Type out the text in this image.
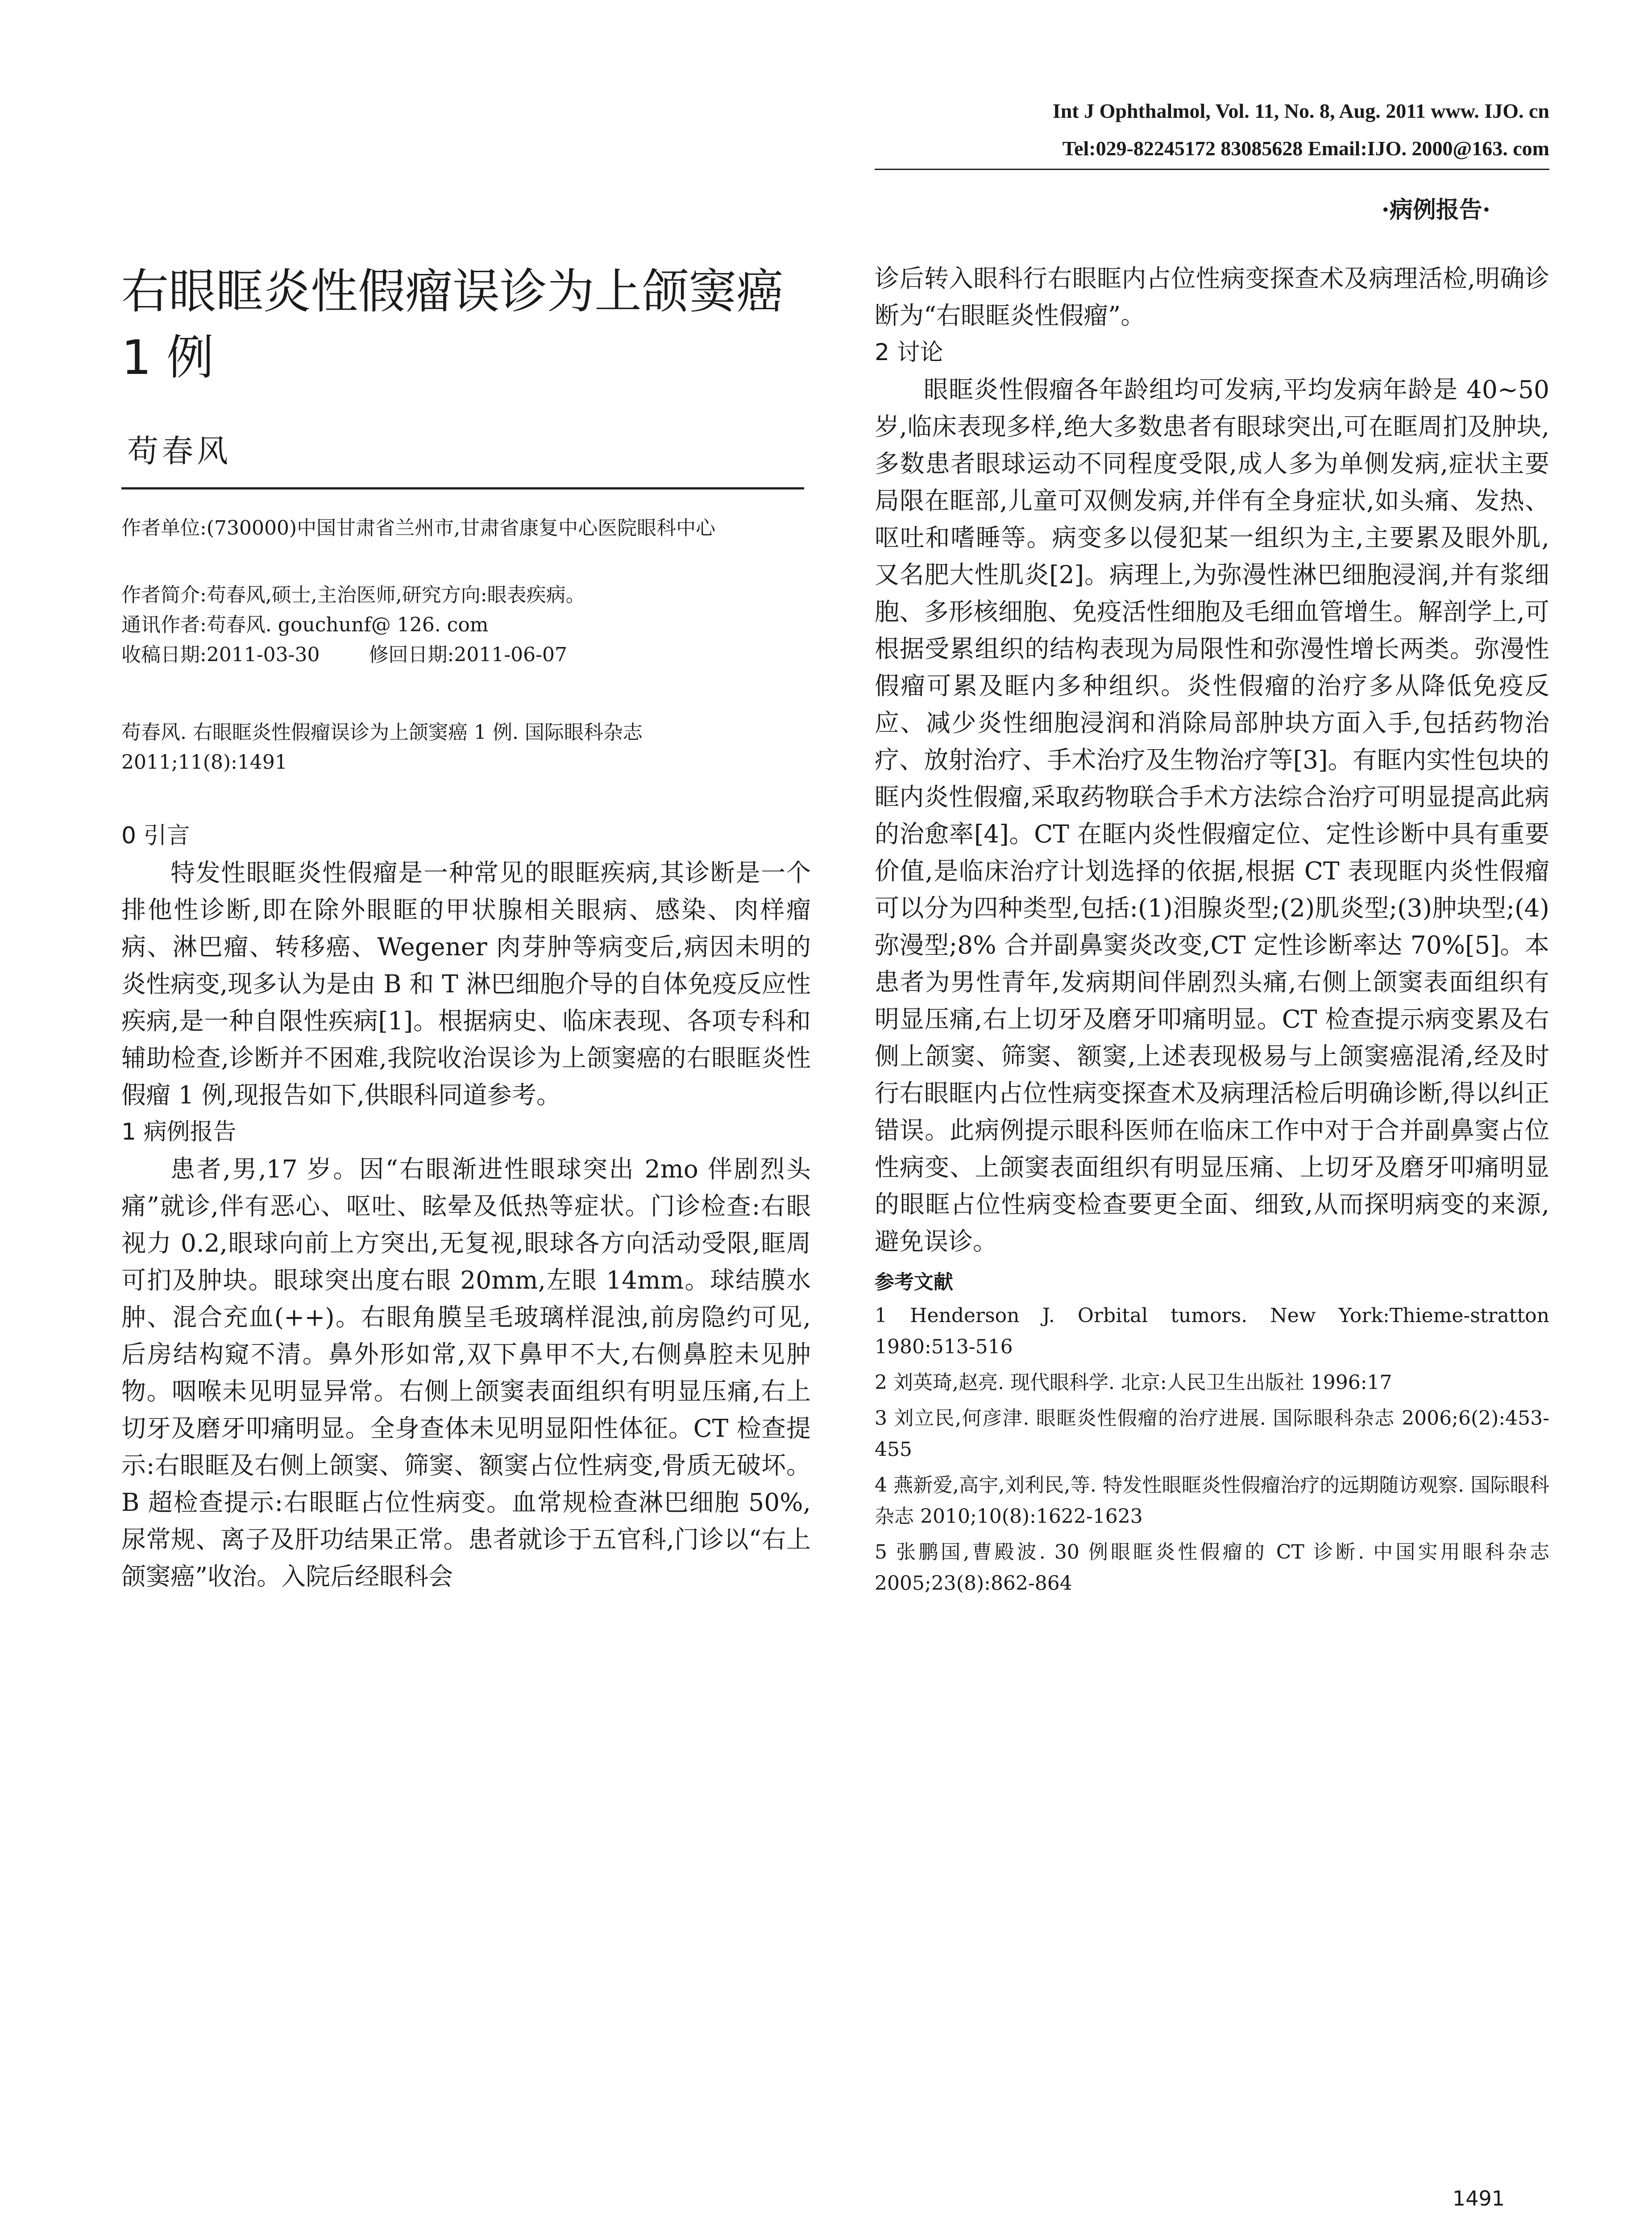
Int J Ophthalmol, Vol. 11, No. 8, Aug. 2011 www. IJO. cn
Tel:029-82245172 83085628 Email:IJO. 2000@163. com
·病例报告·
右眼眶炎性假瘤误诊为上颌窦癌 1 例
苟春风

作者单位:(730000)中国甘肃省兰州市,甘肃省康复中心医院眼科中心

作者简介:苟春风,硕士,主治医师,研究方向:眼表疾病。

通讯作者:苟春风. gouchunf@ 126. com

收稿日期:2011-03-30	修回日期:2011-06-07

苟春风. 右眼眶炎性假瘤误诊为上颌窦癌 1 例. 国际眼科杂志 2011;11(8):1491

0 引言

特发性眼眶炎性假瘤是一种常见的眼眶疾病,其诊断是一个排他性诊断,即在除外眼眶的甲状腺相关眼病、感染、肉样瘤病、淋巴瘤、转移癌、Wegener 肉芽肿等病变后,病因未明的炎性病变,现多认为是由 B 和 T 淋巴细胞介导的自体免疫反应性疾病,是一种自限性疾病[1]。根据病史、临床表现、各项专科和辅助检查,诊断并不困难,我院收治误诊为上颌窦癌的右眼眶炎性假瘤 1 例,现报告如下,供眼科同道参考。

1 病例报告

患者,男,17 岁。因“右眼渐进性眼球突出 2mo 伴剧烈头痛”就诊,伴有恶心、呕吐、眩晕及低热等症状。门诊检查:右眼视力 0.2,眼球向前上方突出,无复视,眼球各方向活动受限,眶周可扪及肿块。眼球突出度右眼 20mm,左眼 14mm。球结膜水肿、混合充血(++)。右眼角膜呈毛玻璃样混浊,前房隐约可见,后房结构窥不清。鼻外形如常,双下鼻甲不大,右侧鼻腔未见肿物。咽喉未见明显异常。右侧上颌窦表面组织有明显压痛,右上切牙及磨牙叩痛明显。全身查体未见明显阳性体征。CT 检查提示:右眼眶及右侧上颌窦、筛窦、额窦占位性病变,骨质无破坏。B 超检查提示:右眼眶占位性病变。血常规检查淋巴细胞 50%,尿常规、离子及肝功结果正常。患者就诊于五官科,门诊以“右上颌窦癌”收治。入院后经眼科会

诊后转入眼科行右眼眶内占位性病变探查术及病理活检,明确诊断为“右眼眶炎性假瘤”。

2 讨论

眼眶炎性假瘤各年龄组均可发病,平均发病年龄是 40~50 岁,临床表现多样,绝大多数患者有眼球突出,可在眶周扪及肿块,多数患者眼球运动不同程度受限,成人多为单侧发病,症状主要局限在眶部,儿童可双侧发病,并伴有全身症状,如头痛、发热、呕吐和嗜睡等。病变多以侵犯某一组织为主,主要累及眼外肌,又名肥大性肌炎[2]。病理上,为弥漫性淋巴细胞浸润,并有浆细胞、多形核细胞、免疫活性细胞及毛细血管增生。解剖学上,可根据受累组织的结构表现为局限性和弥漫性增长两类。弥漫性假瘤可累及眶内多种组织。炎性假瘤的治疗多从降低免疫反应、减少炎性细胞浸润和消除局部肿块方面入手,包括药物治疗、放射治疗、手术治疗及生物治疗等[3]。有眶内实性包块的眶内炎性假瘤,采取药物联合手术方法综合治疗可明显提高此病的治愈率[4]。CT 在眶内炎性假瘤定位、定性诊断中具有重要价值,是临床治疗计划选择的依据,根据 CT 表现眶内炎性假瘤可以分为四种类型,包括:(1)泪腺炎型;(2)肌炎型;(3)肿块型;(4)弥漫型;8% 合并副鼻窦炎改变,CT 定性诊断率达 70%[5]。本患者为男性青年,发病期间伴剧烈头痛,右侧上颌窦表面组织有明显压痛,右上切牙及磨牙叩痛明显。CT 检查提示病变累及右侧上颌窦、筛窦、额窦,上述表现极易与上颌窦癌混淆,经及时行右眼眶内占位性病变探查术及病理活检后明确诊断,得以纠正错误。此病例提示眼科医师在临床工作中对于合并副鼻窦占位性病变、上颌窦表面组织有明显压痛、上切牙及磨牙叩痛明显的眼眶占位性病变检查要更全面、细致,从而探明病变的来源,避免误诊。

参考文献

1 Henderson J. Orbital tumors. New York:Thieme-stratton 1980:513-516

2 刘英琦,赵亮. 现代眼科学. 北京:人民卫生出版社 1996:17

3 刘立民,何彦津. 眼眶炎性假瘤的治疗进展. 国际眼科杂志 2006;6(2):453-455

4 燕新爱,高宇,刘利民,等. 特发性眼眶炎性假瘤治疗的远期随访观察. 国际眼科杂志 2010;10(8):1622-1623

5 张鹏国,曹殿波. 30 例眼眶炎性假瘤的 CT 诊断. 中国实用眼科杂志 2005;23(8):862-864

1491
